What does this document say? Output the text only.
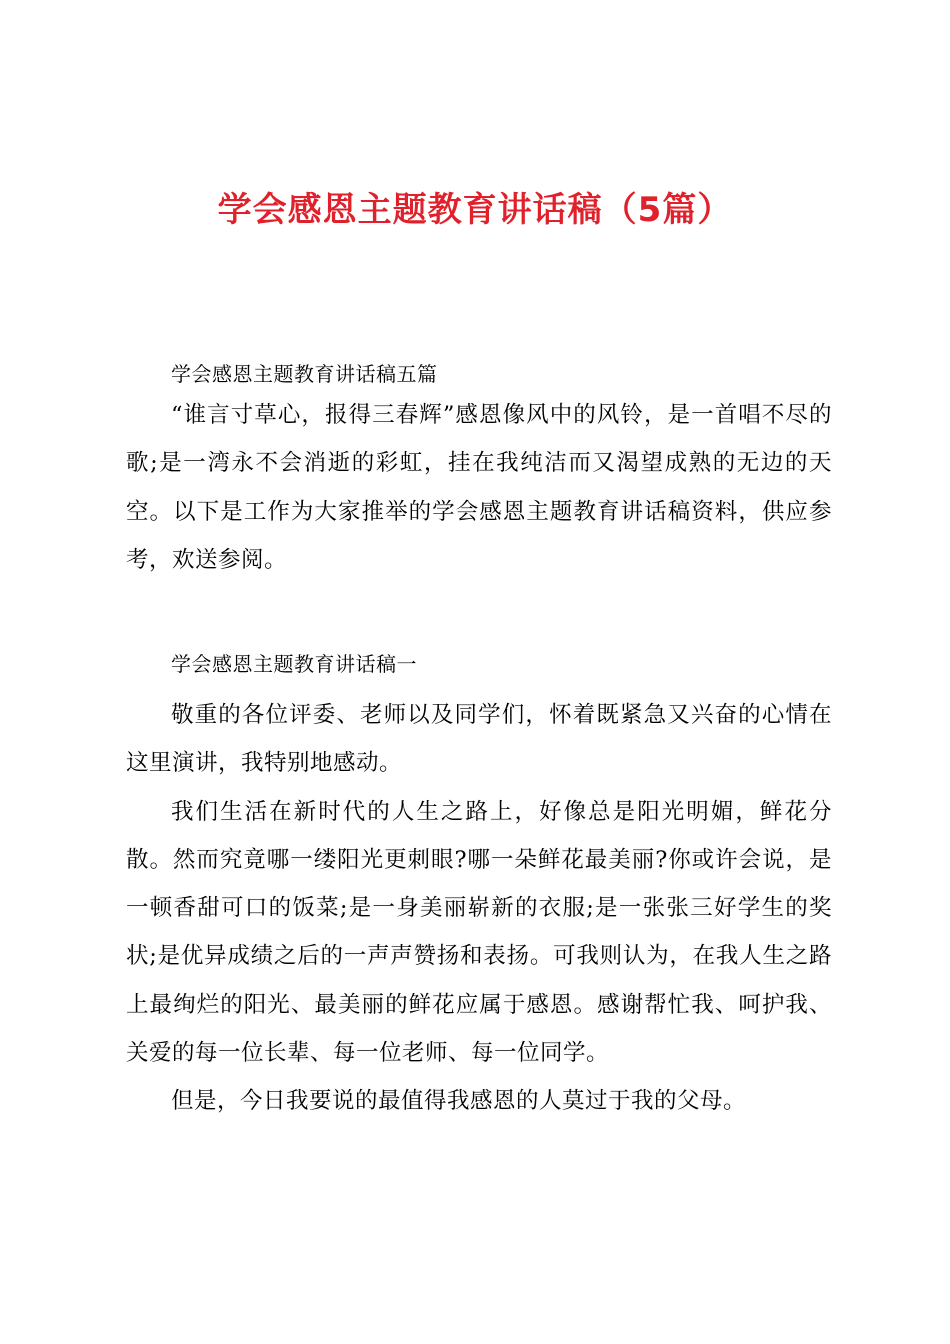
学会感恩主题教育讲话稿（5篇）

学会感恩主题教育讲话稿五篇

“谁言寸草心，报得三春辉”感恩像风中的风铃，是一首唱不尽的歌;是一湾永不会消逝的彩虹，挂在我纯洁而又渴望成熟的无边的天空。以下是工作为大家推举的学会感恩主题教育讲话稿资料，供应参考，欢送参阅。

学会感恩主题教育讲话稿一

敬重的各位评委、老师以及同学们，怀着既紧急又兴奋的心情在这里演讲，我特别地感动。

我们生活在新时代的人生之路上，好像总是阳光明媚，鲜花分散。然而究竟哪一缕阳光更刺眼?哪一朵鲜花最美丽?你或许会说，是一顿香甜可口的饭菜;是一身美丽崭新的衣服;是一张张三好学生的奖状;是优异成绩之后的一声声赞扬和表扬。可我则认为，在我人生之路上最绚烂的阳光、最美丽的鲜花应属于感恩。感谢帮忙我、呵护我、关爱的每一位长辈、每一位老师、每一位同学。

但是，今日我要说的最值得我感恩的人莫过于我的父母。
